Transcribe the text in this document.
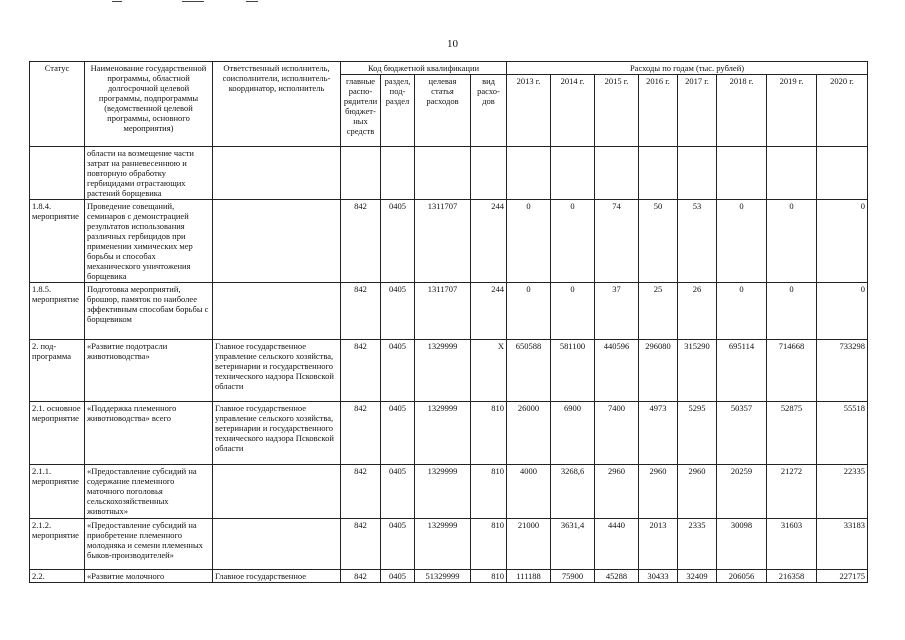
10
Статус	Наименование государственной программы, областной долгосрочной целевой программы, подпрограммы (ведомственной целевой программы, основного мероприятия)	Ответственный исполнитель, соисполнители, исполнитель-координатор, исполнитель	Код бюджетной квалификации				Расходы по годам (тыс. рублей)							
			главные распо-рядители бюджет-ных средств	раздел, под-раздел	целевая статья расходов	вид расхо-дов	2013 г.	2014 г.	2015 г.	2016 г.	2017 г.	2018 г.	2019 г.	2020 г.
	области на возмещение части затрат на ранневесеннюю и повторную обработку гербицидами отрастающих растений борщевика													
1.8.4. мероприятие	Проведение совещаний, семинаров с демонстрацией результатов использования различных гербицидов при применении химических мер борьбы и способах механического уничтожения борщевика		842	0405	1311707	244	0	0	74	50	53	0	0	0
1.8.5. мероприятие	Подготовка мероприятий, брошюр, памяток по наиболее эффективным способам борьбы с борщевиком		842	0405	1311707	244	0	0	37	25	26	0	0	0
2. под-программа	«Развитие подотрасли животноводства»	Главное государственное управление сельского хозяйства, ветеринарии и государственного технического надзора Псковской области	842	0405	1329999	Х	650588	581100	440596	296080	315290	695114	714668	733298
2.1. основное мероприятие	«Поддержка племенного животноводства» всего	Главное государственное управление сельского хозяйства, ветеринарии и государственного технического надзора Псковской области	842	0405	1329999	810	26000	6900	7400	4973	5295	50357	52875	55518
2.1.1. мероприятие	«Предоставление субсидий на содержание племенного маточного поголовья сельскохозяйственных животных»		842	0405	1329999	810	4000	3268,6	2960	2960	2960	20259	21272	22335
2.1.2. мероприятие	«Предоставление субсидий на приобретение племенного молодняка и семени племенных быков-производителей»		842	0405	1329999	810	21000	3631,4	4440	2013	2335	30098	31603	33183
2.2.	«Развитие молочного	Главное государственное	842	0405	51329999	810	111188	75900	45288	30433	32409	206056	216358	227175
